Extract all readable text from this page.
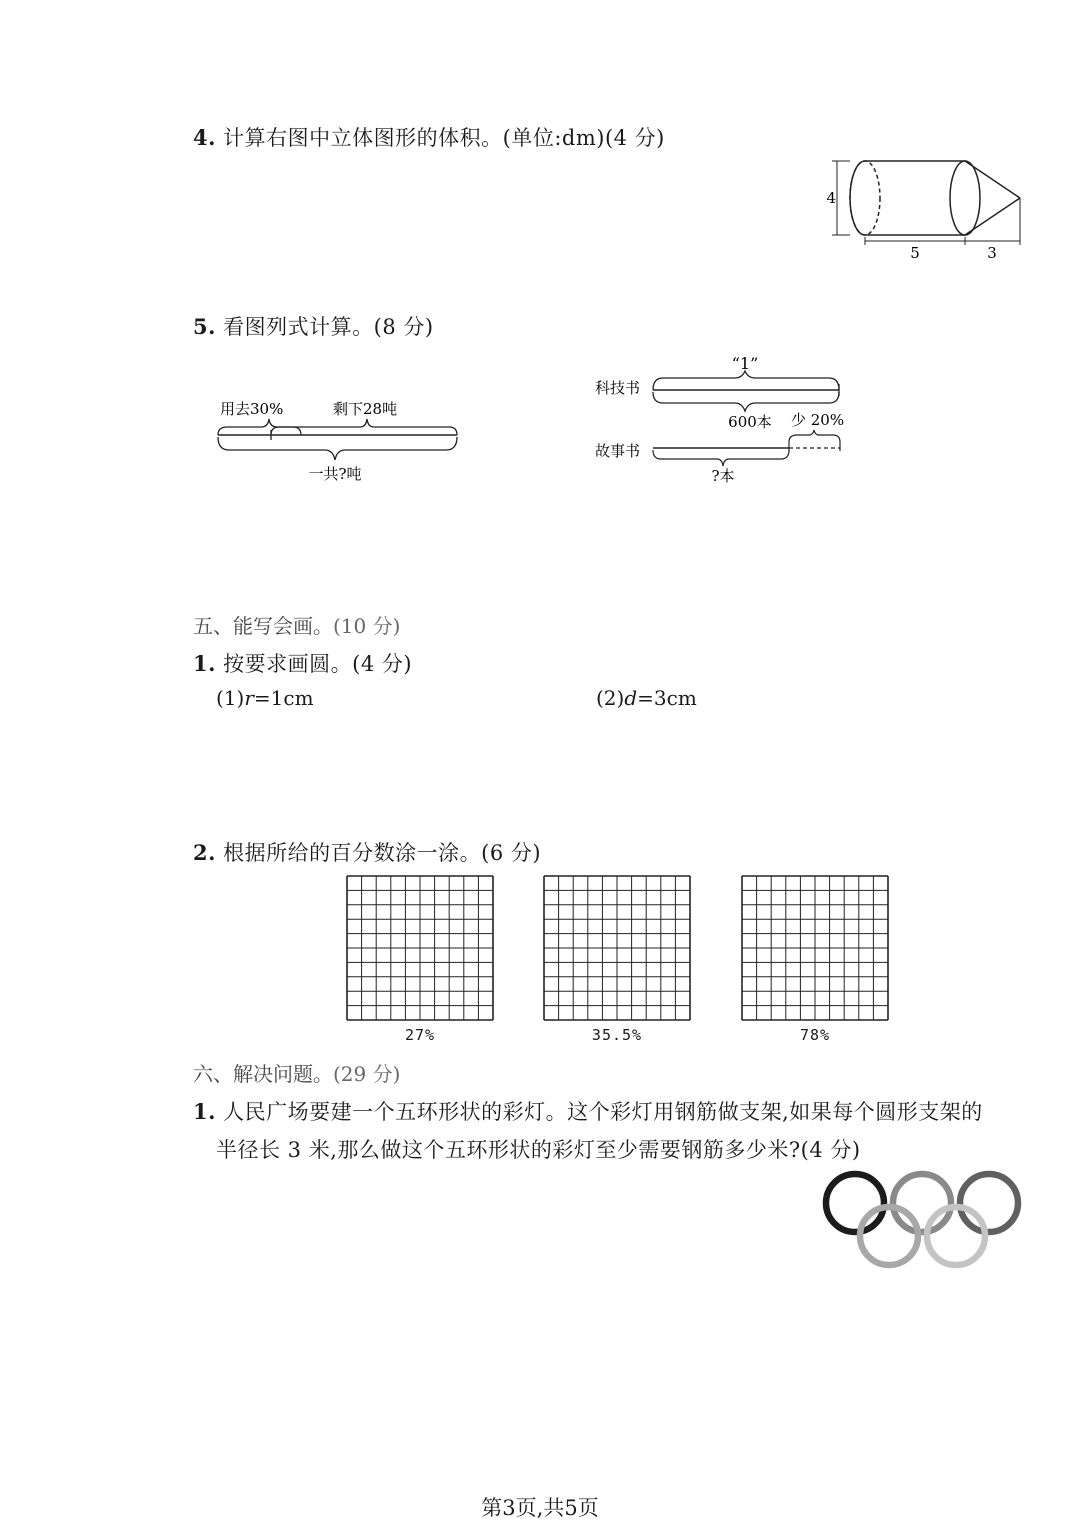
4. 计算右图中立体图形的体积。(单位:dm)(4 分)
4
5	3
5. 看图列式计算。(8 分)
用去30%	剩下28吨
一共?吨
“1”
科技书
600本 少 20%
故事书
?本
五、能写会画。(10 分)
1. 按要求画圆。(4 分)
(1)r=1cm	(2)d=3cm
2. 根据所给的百分数涂一涂。(6 分)
27%	35.5%	78%
六、解决问题。(29 分)
1. 人民广场要建一个五环形状的彩灯。这个彩灯用钢筋做支架,如果每个圆形支架的
半径长 3 米,那么做这个五环形状的彩灯至少需要钢筋多少米?(4 分)
第3页,共5页
